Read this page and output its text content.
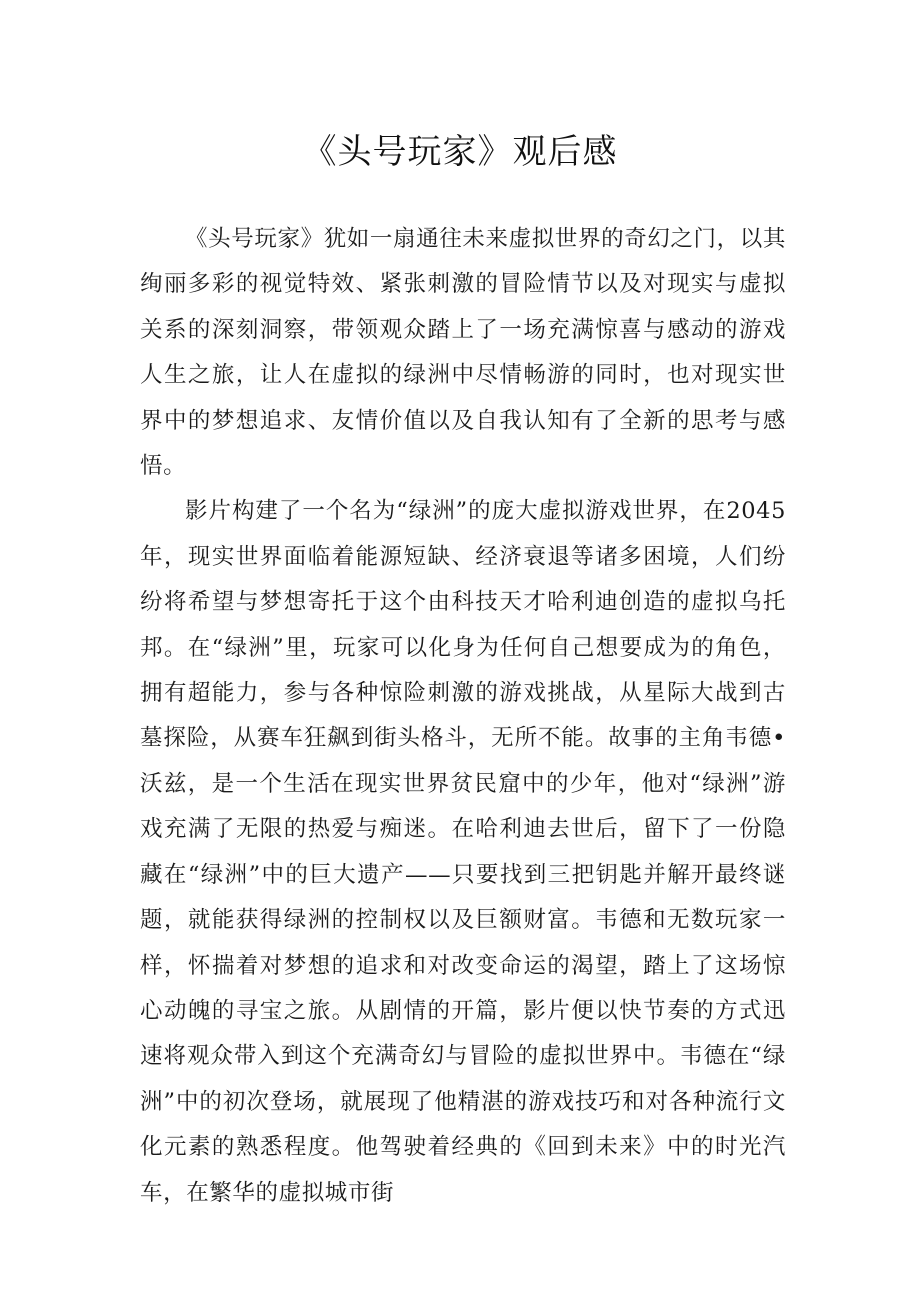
《头号玩家》观后感

《头号玩家》犹如一扇通往未来虚拟世界的奇幻之门，以其绚丽多彩的视觉特效、紧张刺激的冒险情节以及对现实与虚拟关系的深刻洞察，带领观众踏上了一场充满惊喜与感动的游戏人生之旅，让人在虚拟的绿洲中尽情畅游的同时，也对现实世界中的梦想追求、友情价值以及自我认知有了全新的思考与感悟。

影片构建了一个名为“绿洲”的庞大虚拟游戏世界，在2045年，现实世界面临着能源短缺、经济衰退等诸多困境，人们纷纷将希望与梦想寄托于这个由科技天才哈利迪创造的虚拟乌托邦。在“绿洲”里，玩家可以化身为任何自己想要成为的角色，拥有超能力，参与各种惊险刺激的游戏挑战，从星际大战到古墓探险，从赛车狂飙到街头格斗，无所不能。故事的主角韦德•沃兹，是一个生活在现实世界贫民窟中的少年，他对“绿洲”游戏充满了无限的热爱与痴迷。在哈利迪去世后，留下了一份隐藏在“绿洲”中的巨大遗产——只要找到三把钥匙并解开最终谜题，就能获得绿洲的控制权以及巨额财富。韦德和无数玩家一样，怀揣着对梦想的追求和对改变命运的渴望，踏上了这场惊心动魄的寻宝之旅。从剧情的开篇，影片便以快节奏的方式迅速将观众带入到这个充满奇幻与冒险的虚拟世界中。韦德在“绿洲”中的初次登场，就展现了他精湛的游戏技巧和对各种流行文化元素的熟悉程度。他驾驶着经典的《回到未来》中的时光汽车，在繁华的虚拟城市街
